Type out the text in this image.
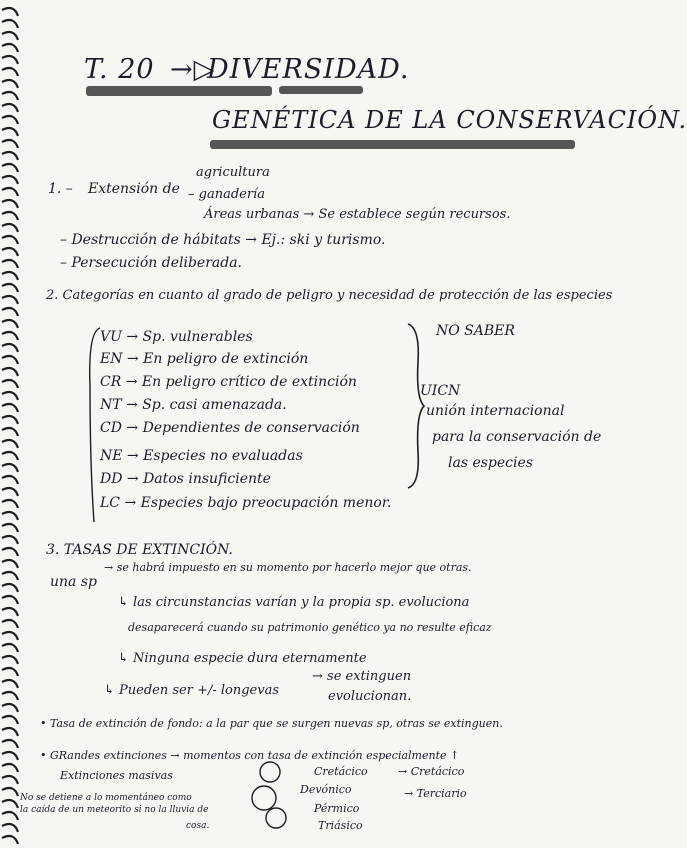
T. 20 →▷
DIVERSIDAD.
GENÉTICA DE LA CONSERVACIÓN.
1. – Extensión de
agricultura
– ganadería
Áreas urbanas → Se establece según recursos.
– Destrucción de hábitats → Ej.: ski y turismo.
– Persecución deliberada.
2. Categorías en cuanto al grado de peligro y necesidad de protección de las especies
VU → Sp. vulnerables
EN → En peligro de extinción
CR → En peligro crítico de extinción
NT → Sp. casi amenazada.
CD → Dependientes de conservación
NE → Especies no evaluadas
DD → Datos insuficiente
LC → Especies bajo preocupación menor.
NO SABER
UICN
unión internacional
para la conservación de
las especies
3. TASAS DE EXTINCIÓN.
una sp
→ se habrá impuesto en su momento por hacerlo mejor que otras.
↳ las circunstancias varían y la propia sp. evoluciona
desaparecerá cuando su patrimonio genético ya no resulte eficaz
↳ Ninguna especie dura eternamente
↳ Pueden ser +/- longevas
→ se extinguen
evolucionan.
• Tasa de extinción de fondo: a la par que se surgen nuevas sp, otras se extinguen.
• GRandes extinciones → momentos con tasa de extinción especialmente ↑
Extinciones masivas	Cretácico
Devónico
Pérmico
Triásico
→ Cretácico
→ Terciario
No se detiene a lo momentáneo como
la caída de un meteorito si no la lluvia de
cosa.
